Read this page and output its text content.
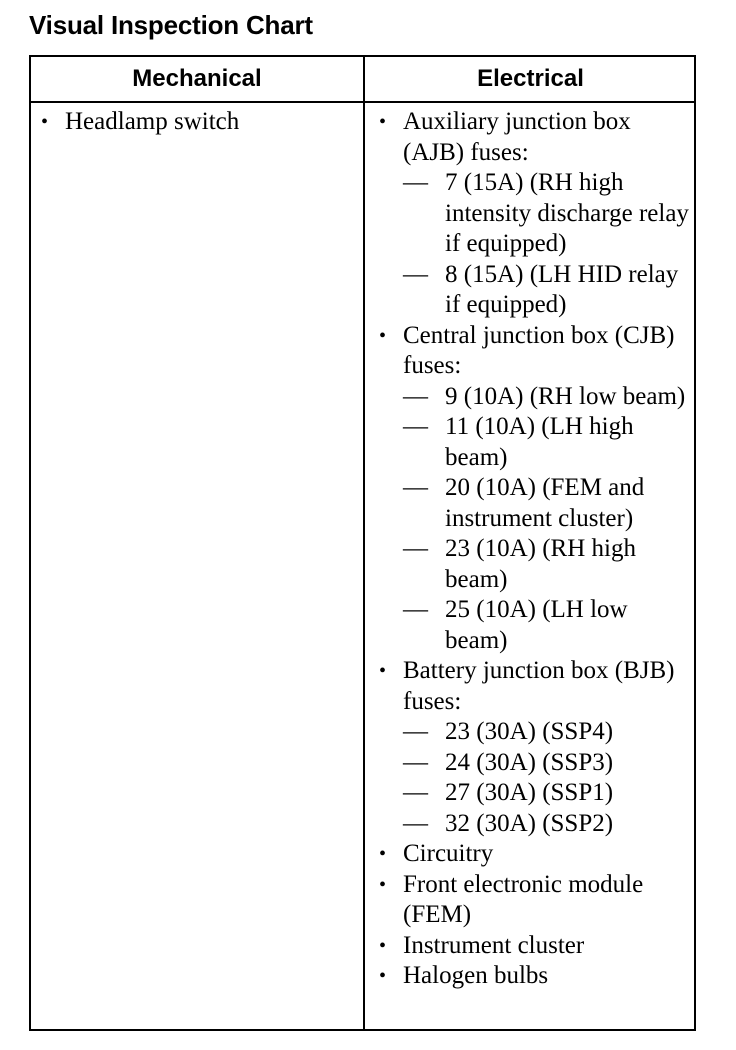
Visual Inspection Chart
Mechanical	Electrical
• Headlamp switch	• Auxiliary junction box (AJB) fuses:
— 7 (15A) (RH high intensity discharge relay if equipped)
— 8 (15A) (LH HID relay if equipped)
• Central junction box (CJB) fuses:
— 9 (10A) (RH low beam)
— 11 (10A) (LH high beam)
— 20 (10A) (FEM and instrument cluster)
— 23 (10A) (RH high beam)
— 25 (10A) (LH low beam)
• Battery junction box (BJB) fuses:
— 23 (30A) (SSP4)
— 24 (30A) (SSP3)
— 27 (30A) (SSP1)
— 32 (30A) (SSP2)
• Circuitry
• Front electronic module (FEM)
• Instrument cluster
• Halogen bulbs
